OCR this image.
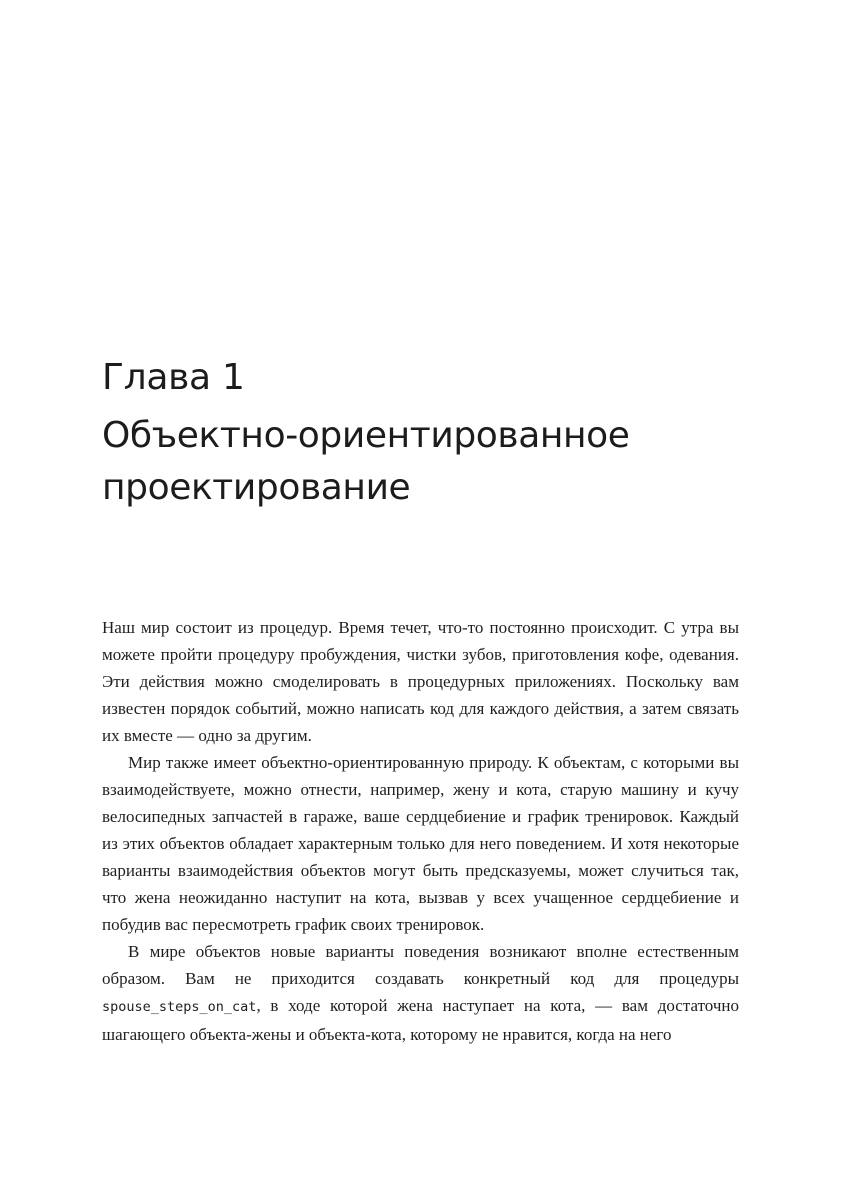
Глава 1
Объектно-ориентированное
проектирование

Наш мир состоит из процедур. Время течет, что-то постоянно происходит. С утра вы можете пройти процедуру пробуждения, чистки зубов, приготовления кофе, одевания. Эти действия можно смоделировать в процедурных приложениях. Поскольку вам известен порядок событий, можно написать код для каждого действия, а затем связать их вместе — одно за другим.

Мир также имеет объектно-ориентированную природу. К объектам, с которыми вы взаимодействуете, можно отнести, например, жену и кота, старую машину и кучу велосипедных запчастей в гараже, ваше сердцебиение и график тренировок. Каждый из этих объектов обладает характерным только для него поведением. И хотя некоторые варианты взаимодействия объектов могут быть предсказуемы, может случиться так, что жена неожиданно наступит на кота, вызвав у всех учащенное сердцебиение и побудив вас пересмотреть график своих тренировок.

В мире объектов новые варианты поведения возникают вполне естественным образом. Вам не приходится создавать конкретный код для процедуры spouse_steps_on_cat, в ходе которой жена наступает на кота, — вам достаточно шагающего объекта-жены и объекта-кота, которому не нравится, когда на него
